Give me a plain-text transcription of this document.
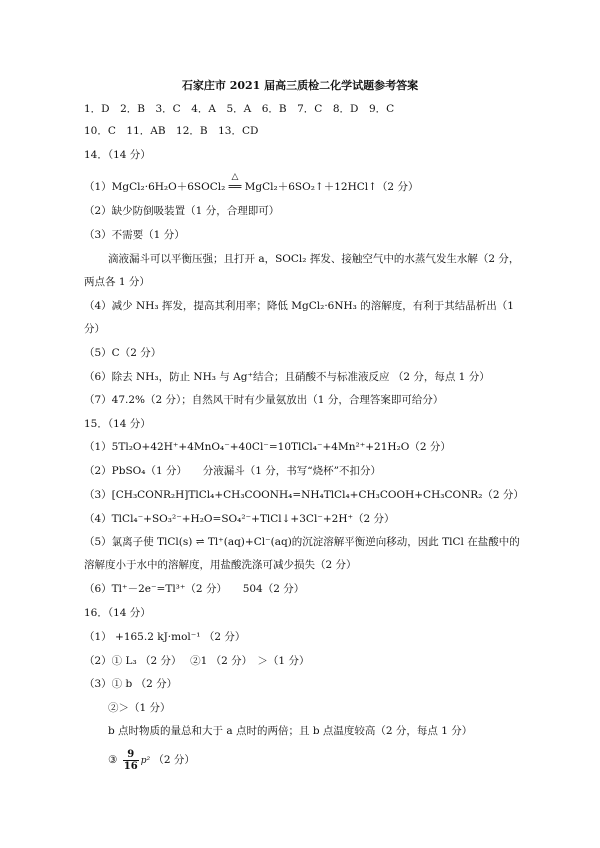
石家庄市 2021 届高三质检二化学试题参考答案
1．D　2．B　3．C　4．A　5．A　6．B　7．C　8．D　9．C
10．C　11．AB　12．B　13．CD
14．（14 分）
（1）MgCl₂·6H₂O＋6SOCl₂
△
══ MgCl₂＋6SO₂↑＋12HCl↑（2 分）
（2）缺少防倒吸装置（1 分，合理即可）
（3）不需要（1 分）
滴液漏斗可以平衡压强；且打开 a，SOCl₂ 挥发、接触空气中的水蒸气发生水解（2 分，
两点各 1 分）
（4）减少 NH₃ 挥发，提高其利用率；降低 MgCl₂·6NH₃ 的溶解度，有利于其结晶析出（1
分）
（5）C（2 分）
（6）除去 NH₃，防止 NH₃ 与 Ag⁺结合；且硝酸不与标准液反应 （2 分，每点 1 分）
（7）47.2%（2 分）；自然风干时有少量氨放出（1 分，合理答案即可给分）
15．（14 分）
（1）5Tl₂O+42H⁺+4MnO₄⁻+40Cl⁻=10TlCl₄⁻+4Mn²⁺+21H₂O（2 分）
（2）PbSO₄（1 分）　　分液漏斗（1 分，书写“烧杯”不扣分）
（3）[CH₃CONR₂H]TlCl₄+CH₃COONH₄=NH₄TlCl₄+CH₃COOH+CH₃CONR₂（2 分）
（4）TlCl₄⁻+SO₃²⁻+H₂O=SO₄²⁻+TlCl↓+3Cl⁻+2H⁺（2 分）
（5）氯离子使 TlCl(s) ⇌ Tl⁺(aq)+Cl⁻(aq)的沉淀溶解平衡逆向移动，因此 TlCl 在盐酸中的
溶解度小于水中的溶解度，用盐酸洗涤可减少损失（2 分）
（6）Tl⁺－2e⁻=Tl³⁺（2 分）　　504（2 分）
16．（14 分）
（1） +165.2 kJ·mol⁻¹ （2 分）
（2）① L₃ （2 分）　 ②1 （2 分）　＞（1 分）
（3）① b （2 分）
②＞（1 分）
b 点时物质的量总和大于 a 点时的两倍；且 b 点温度较高（2 分，每点 1 分）
③ $\frac{9}{16} p^2$ （2 分）
